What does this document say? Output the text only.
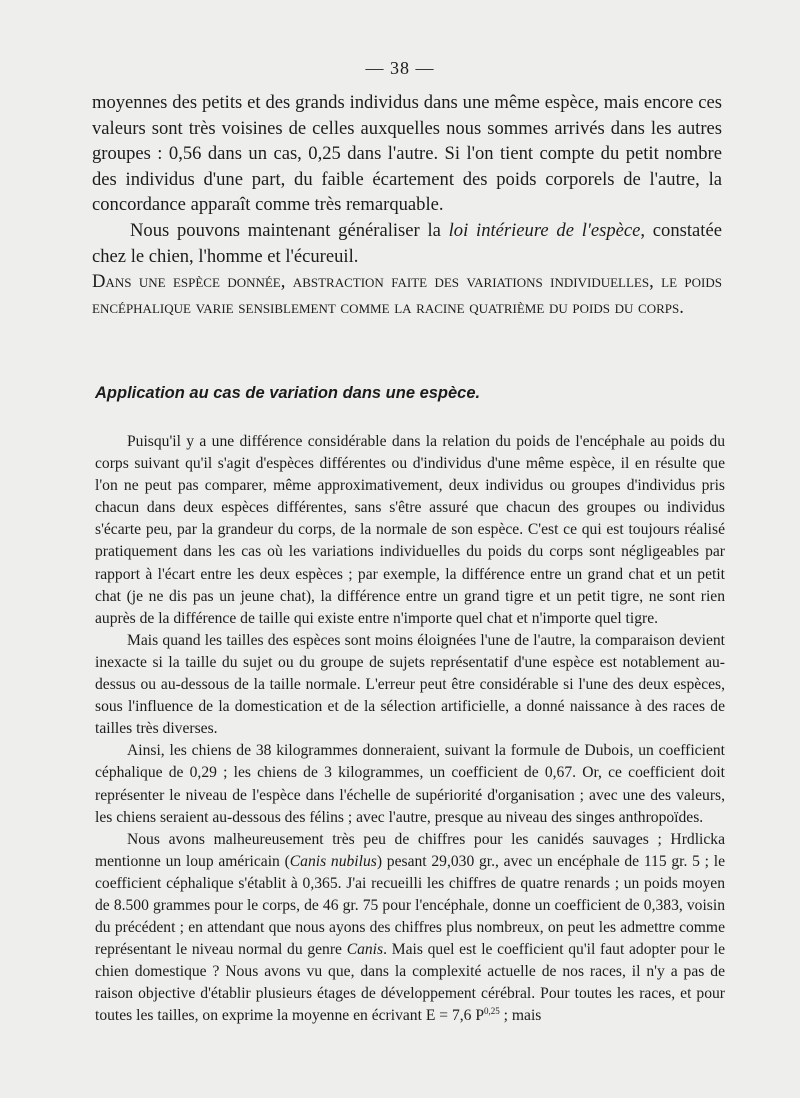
— 38 —

moyennes des petits et des grands individus dans une même espèce, mais encore ces valeurs sont très voisines de celles auxquelles nous sommes arrivés dans les autres groupes : 0,56 dans un cas, 0,25 dans l'autre. Si l'on tient compte du petit nombre des individus d'une part, du faible écartement des poids corporels de l'autre, la concordance apparaît comme très remarquable.

Nous pouvons maintenant généraliser la loi intérieure de l'espèce, constatée chez le chien, l'homme et l'écureuil.

Dans une espèce donnée, abstraction faite des variations individuelles, le poids encéphalique varie sensiblement comme la racine quatrième du poids du corps.

Application au cas de variation dans une espèce.

Puisqu'il y a une différence considérable dans la relation du poids de l'encéphale au poids du corps suivant qu'il s'agit d'espèces différentes ou d'individus d'une même espèce, il en résulte que l'on ne peut pas comparer, même approximativement, deux individus ou groupes d'individus pris chacun dans deux espèces différentes, sans s'être assuré que chacun des groupes ou individus s'écarte peu, par la grandeur du corps, de la normale de son espèce. C'est ce qui est toujours réalisé pratiquement dans les cas où les variations individuelles du poids du corps sont négligeables par rapport à l'écart entre les deux espèces ; par exemple, la différence entre un grand chat et un petit chat (je ne dis pas un jeune chat), la différence entre un grand tigre et un petit tigre, ne sont rien auprès de la différence de taille qui existe entre n'importe quel chat et n'importe quel tigre.

Mais quand les tailles des espèces sont moins éloignées l'une de l'autre, la comparaison devient inexacte si la taille du sujet ou du groupe de sujets représentatif d'une espèce est notablement au-dessus ou au-dessous de la taille normale. L'erreur peut être considérable si l'une des deux espèces, sous l'influence de la domestication et de la sélection artificielle, a donné naissance à des races de tailles très diverses.

Ainsi, les chiens de 38 kilogrammes donneraient, suivant la formule de Dubois, un coefficient céphalique de 0,29 ; les chiens de 3 kilogrammes, un coefficient de 0,67. Or, ce coefficient doit représenter le niveau de l'espèce dans l'échelle de supériorité d'organisation ; avec une des valeurs, les chiens seraient au-dessous des félins ; avec l'autre, presque au niveau des singes anthropoïdes.

Nous avons malheureusement très peu de chiffres pour les canidés sauvages ; Hrdlicka mentionne un loup américain (Canis nubilus) pesant 29,030 gr., avec un encéphale de 115 gr. 5 ; le coefficient céphalique s'établit à 0,365. J'ai recueilli les chiffres de quatre renards ; un poids moyen de 8.500 grammes pour le corps, de 46 gr. 75 pour l'encéphale, donne un coefficient de 0,383, voisin du précédent ; en attendant que nous ayons des chiffres plus nombreux, on peut les admettre comme représentant le niveau normal du genre Canis. Mais quel est le coefficient qu'il faut adopter pour le chien domestique ? Nous avons vu que, dans la complexité actuelle de nos races, il n'y a pas de raison objective d'établir plusieurs étages de développement cérébral. Pour toutes les races, et pour toutes les tailles, on exprime la moyenne en écrivant E = 7,6 P$^{0,25}$ ; mais
